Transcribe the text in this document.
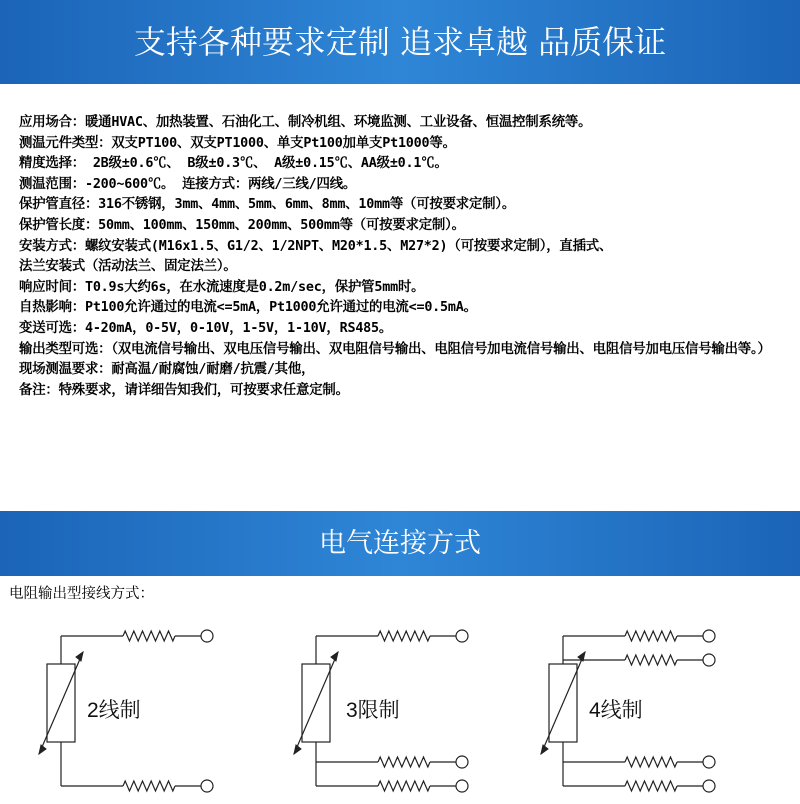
支持各种要求定制 追求卓越 品质保证
应用场合：暖通HVAC、加热装置、石油化工、制冷机组、环境监测、工业设备、恒温控制系统等。
测温元件类型：双支PT100、双支PT1000、单支Pt100加单支Pt1000等。
精度选择： 2B级±0.6℃、 B级±0.3℃、 A级±0.15℃、AA级±0.1℃。
测温范围：-200~600℃。 连接方式：两线/三线/四线。
保护管直径：316不锈钢，3mm、4mm、5mm、6mm、8mm、10mm等（可按要求定制）。
保护管长度：50mm、100mm、150mm、200mm、500mm等（可按要求定制）。
安装方式：螺纹安装式(M16x1.5、G1/2、1/2NPT、M20*1.5、M27*2)（可按要求定制），直插式、
法兰安装式（活动法兰、固定法兰）。
响应时间：T0.9s大约6s，在水流速度是0.2m/sec，保护管5mm时。
自热影响：Pt100允许通过的电流<=5mA，Pt1000允许通过的电流<=0.5mA。
变送可选：4-20mA，0-5V，0-10V，1-5V，1-10V，RS485。
输出类型可选：（双电流信号输出、双电压信号输出、双电阻信号输出、电阻信号加电流信号输出、电阻信号加电压信号输出等。）
现场测温要求：耐高温/耐腐蚀/耐磨/抗震/其他，
备注：特殊要求，请详细告知我们，可按要求任意定制。
电气连接方式
电阻输出型接线方式：
2线制	3限制	4线制
